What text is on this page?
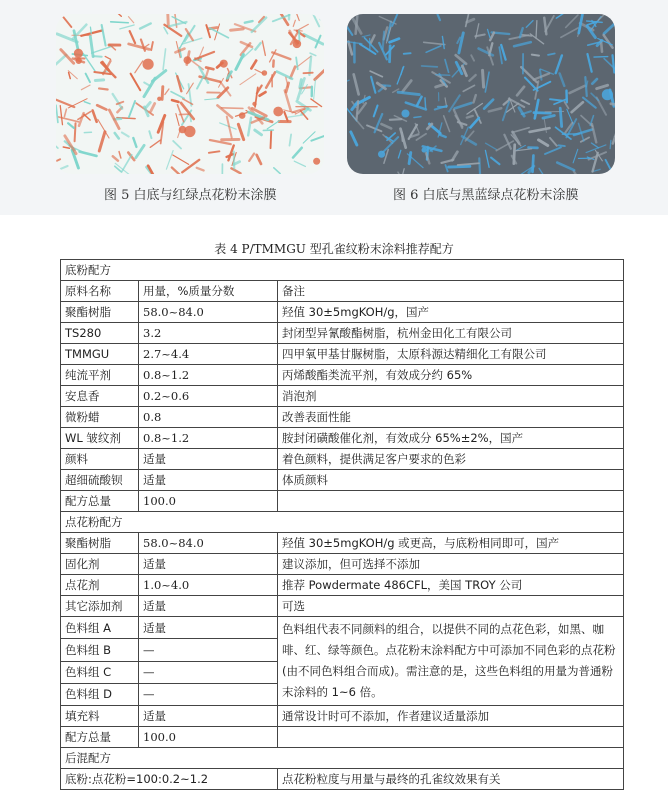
图 5 白底与红绿点花粉末涂膜	图 6 白底与黑蓝绿点花粉末涂膜
表 4 P/TMMGU 型孔雀纹粉末涂料推荐配方
底粉配方		
原料名称	用量，%质量分数	备注
聚酯树脂	58.0~84.0	羟值 30±5mgKOH/g，国产
TS280	3.2	封闭型异氰酸酯树脂，杭州金田化工有限公司
TMMGU	2.7~4.4	四甲氧甲基甘脲树脂，太原科源达精细化工有限公司
纯流平剂	0.8~1.2	丙烯酸酯类流平剂，有效成分约 65%
安息香	0.2~0.6	消泡剂
微粉蜡	0.8	改善表面性能
WL 皱纹剂	0.8~1.2	胺封闭磺酸催化剂，有效成分 65%±2%，国产
颜料	适量	着色颜料，提供满足客户要求的色彩
超细硫酸钡	适量	体质颜料
配方总量	100.0	
点花粉配方		
聚酯树脂	58.0~84.0	羟值 30±5mgKOH/g 或更高，与底粉相同即可，国产
固化剂	适量	建议添加，但可选择不添加
点花剂	1.0~4.0	推荐 Powdermate 486CFL，美国 TROY 公司
其它添加剂	适量	可选
色料组 A	适量	色料组代表不同颜料的组合，以提供不同的点花色彩，如黑、咖啡、红、绿等颜色。点花粉末涂料配方中可添加不同色彩的点花粉(由不同色料组合而成)。需注意的是，这些色料组的用量为普通粉末涂料的 1~6 倍。
色料组 B	—	
色料组 C	—	
色料组 D	—	
填充料	适量	通常设计时可不添加，作者建议适量添加
配方总量	100.0	
后混配方		
底粉:点花粉=100:0.2~1.2		点花粉粒度与用量与最终的孔雀纹效果有关
